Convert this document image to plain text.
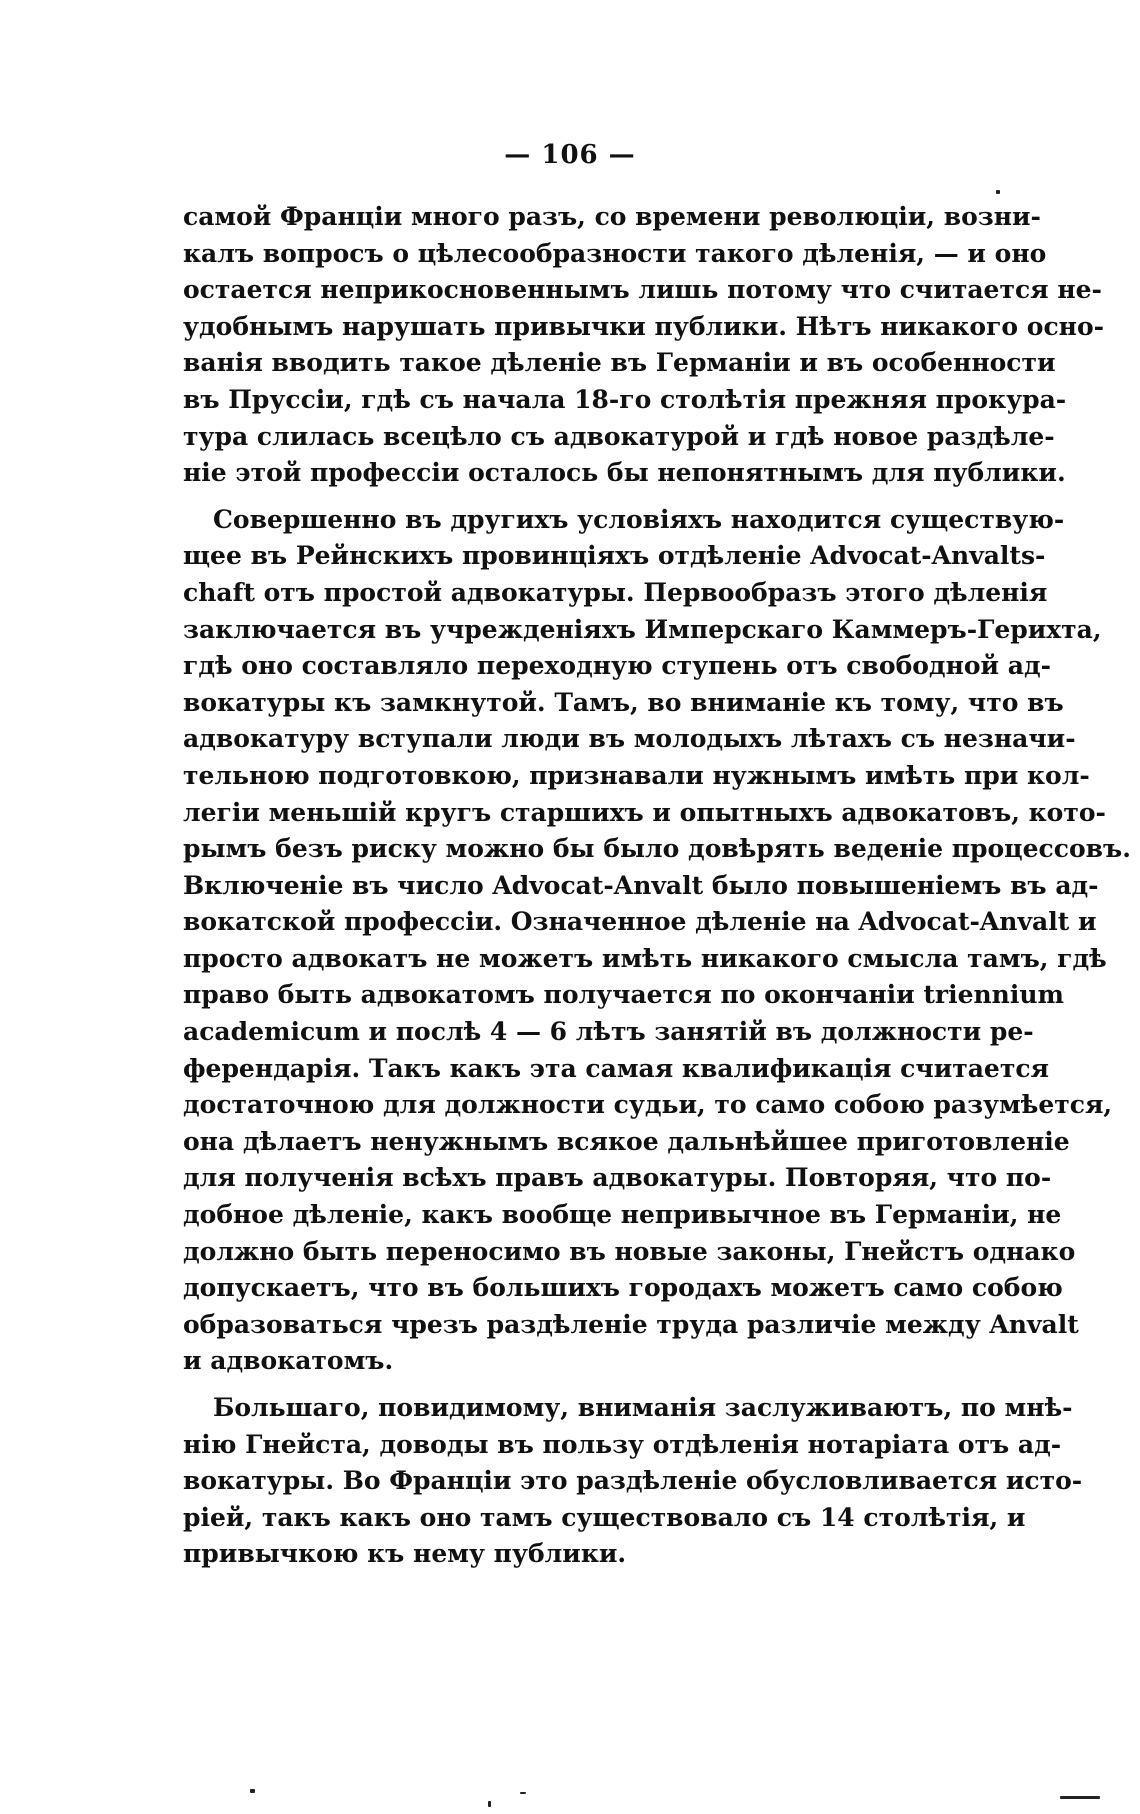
— 106 —

самой Франціи много разъ, со времени революціи, возни-
калъ вопросъ о цѣлесообразности такого дѣленія, — и оно
остается неприкосновеннымъ лишь потому что считается не-
удобнымъ нарушать привычки публики. Нѣтъ никакого осно-
ванія вводить такое дѣленіе въ Германіи и въ особенности
въ Пруссіи, гдѣ съ начала 18-го столѣтія прежняя прокура-
тура слилась всецѣло съ адвокатурой и гдѣ новое раздѣле-
ніе этой профессіи осталось бы непонятнымъ для публики.

Совершенно въ другихъ условіяхъ находится существую-
щее въ Рейнскихъ провинціяхъ отдѣленіе Advocat-Anvalts-
chaft отъ простой адвокатуры. Первообразъ этого дѣленія
заключается въ учрежденіяхъ Имперскаго Каммеръ-Герихта,
гдѣ оно составляло переходную ступень отъ свободной ад-
вокатуры къ замкнутой. Тамъ, во вниманіе къ тому, что въ
адвокатуру вступали люди въ молодыхъ лѣтахъ съ незначи-
тельною подготовкою, признавали нужнымъ имѣть при кол-
легіи меньшій кругъ старшихъ и опытныхъ адвокатовъ, кото-
рымъ безъ риску можно бы было довѣрять веденіе процессовъ.
Включеніе въ число Advocat-Anvalt было повышеніемъ въ ад-
вокатской профессіи. Означенное дѣленіе на Advocat-Anvalt и
просто адвокатъ не можетъ имѣть никакого смысла тамъ, гдѣ
право быть адвокатомъ получается по окончаніи triennium
academicum и послѣ 4 — 6 лѣтъ занятій въ должности ре-
ферендарія. Такъ какъ эта самая квалификація считается
достаточною для должности судьи, то само собою разумѣется,
она дѣлаетъ ненужнымъ всякое дальнѣйшее приготовленіе
для полученія всѣхъ правъ адвокатуры. Повторяя, что по-
добное дѣленіе, какъ вообще непривычное въ Германіи, не
должно быть переносимо въ новые законы, Гнейстъ однако
допускаетъ, что въ большихъ городахъ можетъ само собою
образоваться чрезъ раздѣленіе труда различіе между Anvalt
и адвокатомъ.

Большаго, повидимому, вниманія заслуживаютъ, по мнѣ-
нію Гнейста, доводы въ пользу отдѣленія нотаріата отъ ад-
вокатуры. Во Франціи это раздѣленіе обусловливается исто-
ріей, такъ какъ оно тамъ существовало съ 14 столѣтія, и
привычкою къ нему публики.
